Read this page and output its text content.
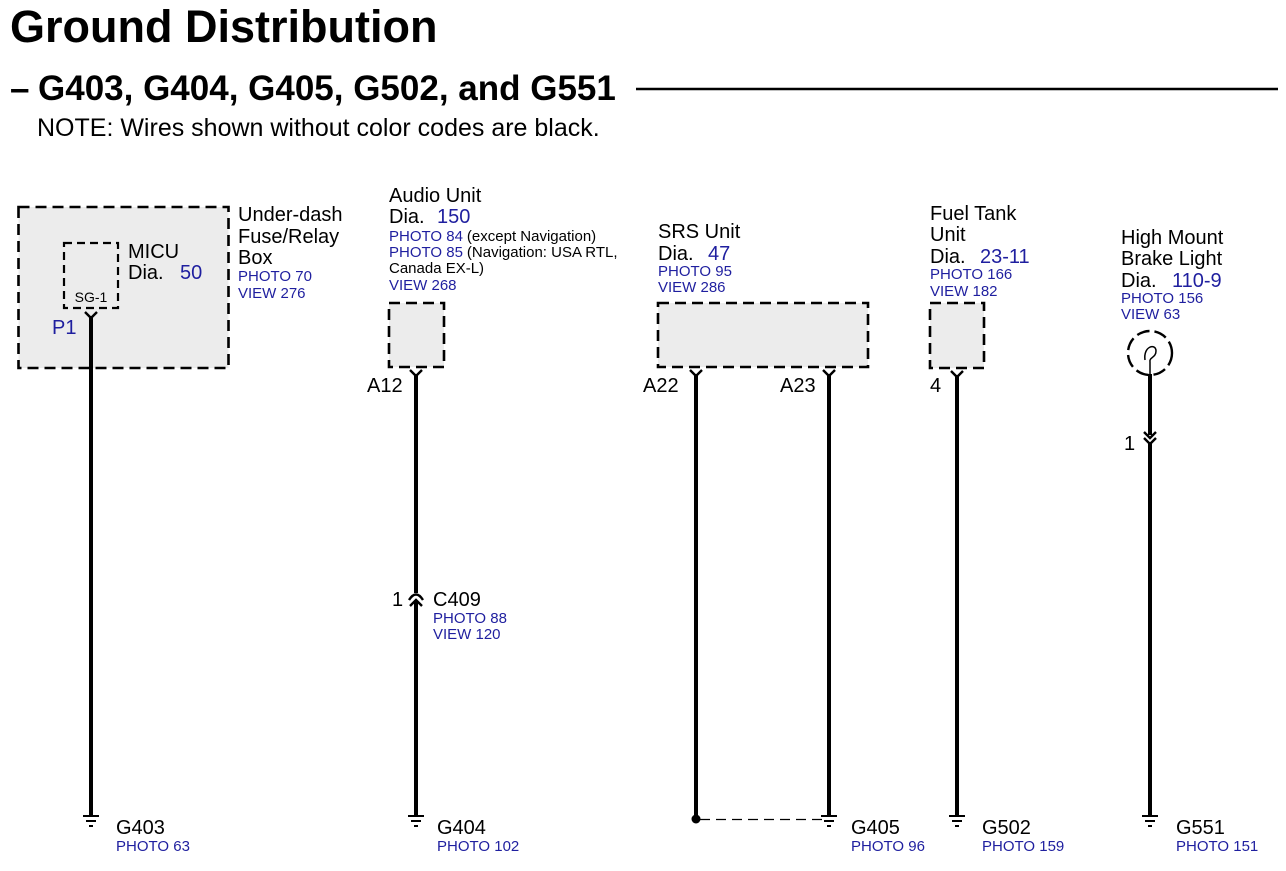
Ground Distribution
– G403, G404, G405, G502, and G551
NOTE: Wires shown without color codes are black.
SG-1
MICU
Dia. 50
P1
Under-dash
Fuse/Relay
Box
PHOTO 70
VIEW 276
Audio Unit
Dia. 150
PHOTO 84 (except Navigation)
PHOTO 85 (Navigation: USA RTL,
Canada EX-L)
VIEW 268
A12
1 C409
PHOTO 88
VIEW 120
SRS Unit
Dia. 47
PHOTO 95
VIEW 286
A22	A23
Fuel Tank
Unit
Dia. 23-11
PHOTO 166
VIEW 182
4
High Mount
Brake Light
Dia. 110-9
PHOTO 156
VIEW 63
1
G403
PHOTO 63
G404
PHOTO 102
G405
PHOTO 96
G502
PHOTO 159
G551
PHOTO 151
